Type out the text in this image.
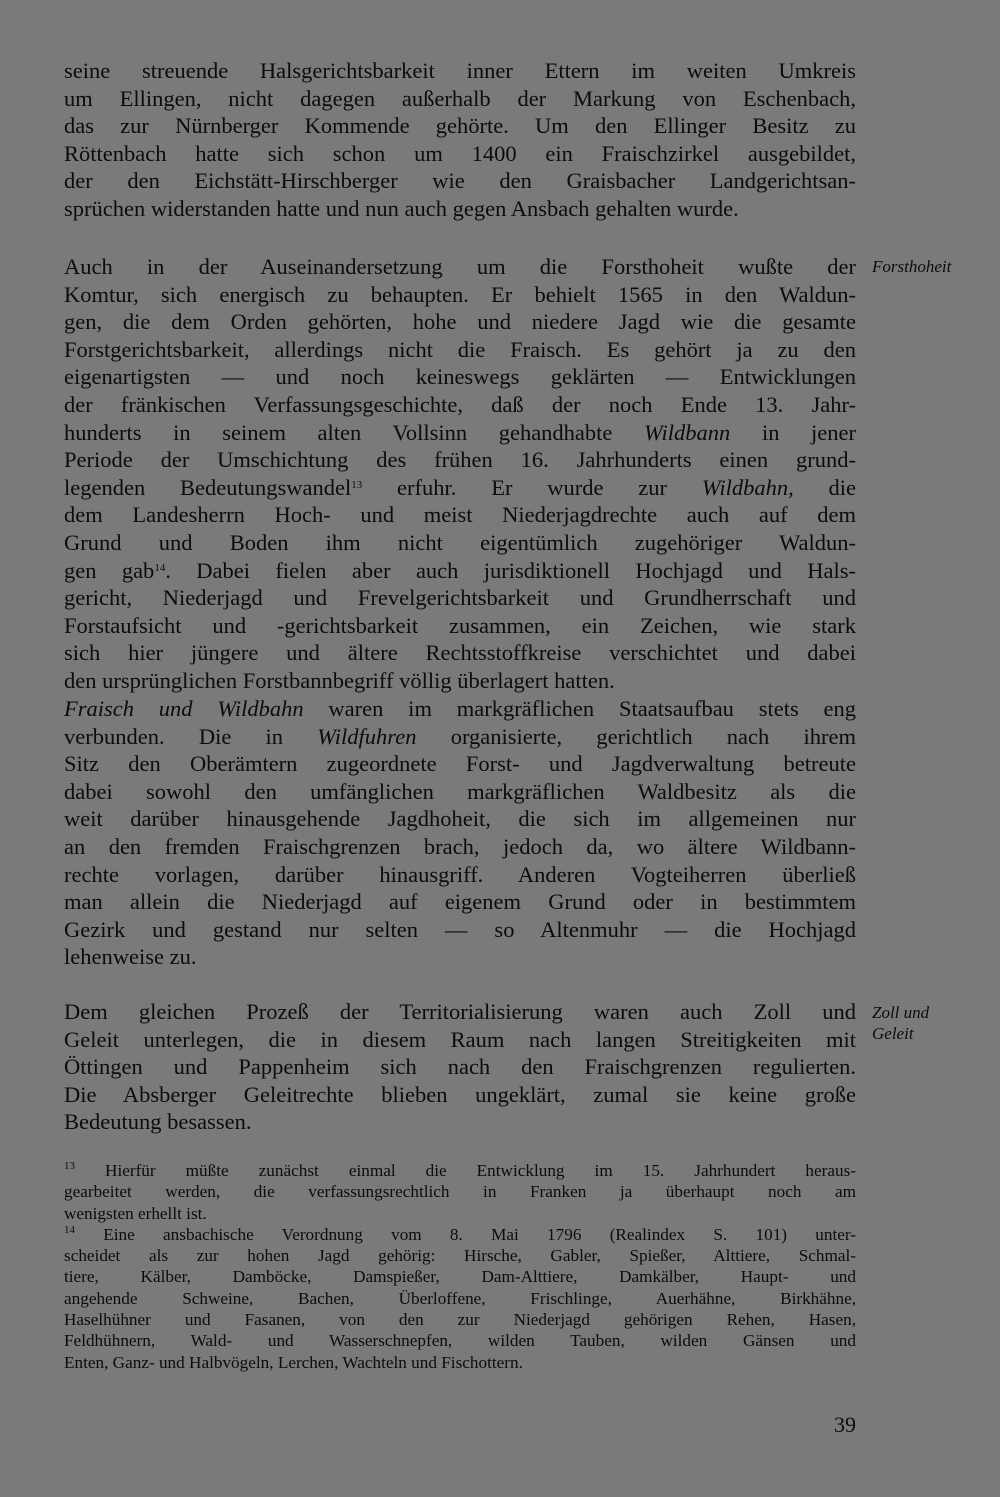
seine streuende Halsgerichtsbarkeit inner Ettern im weiten Umkreis
um Ellingen, nicht dagegen außerhalb der Markung von Eschenbach,
das zur Nürnberger Kommende gehörte. Um den Ellinger Besitz zu
Röttenbach hatte sich schon um 1400 ein Fraischzirkel ausgebildet,
der den Eichstätt-Hirschberger wie den Graisbacher Landgerichtsan-
sprüchen widerstanden hatte und nun auch gegen Ansbach gehalten wurde.
Forsthoheit
Auch in der Auseinandersetzung um die Forsthoheit wußte der
Komtur, sich energisch zu behaupten. Er behielt 1565 in den Waldun-
gen, die dem Orden gehörten, hohe und niedere Jagd wie die gesamte
Forstgerichtsbarkeit, allerdings nicht die Fraisch. Es gehört ja zu den
eigenartigsten — und noch keineswegs geklärten — Entwicklungen
der fränkischen Verfassungsgeschichte, daß der noch Ende 13. Jahr-
hunderts in seinem alten Vollsinn gehandhabte Wildbann in jener
Periode der Umschichtung des frühen 16. Jahrhunderts einen grund-
legenden Bedeutungswandel$^{13}$ erfuhr. Er wurde zur Wildbahn, die
dem Landesherrn Hoch- und meist Niederjagdrechte auch auf dem
Grund und Boden ihm nicht eigentümlich zugehöriger Waldun-
gen gab$^{14}$. Dabei fielen aber auch jurisdiktionell Hochjagd und Hals-
gericht, Niederjagd und Frevelgerichtsbarkeit und Grundherrschaft und
Forstaufsicht und -gerichtsbarkeit zusammen, ein Zeichen, wie stark
sich hier jüngere und ältere Rechtsstoffkreise verschichtet und dabei
den ursprünglichen Forstbannbegriff völlig überlagert hatten.
Fraisch und Wildbahn waren im markgräflichen Staatsaufbau stets eng
verbunden. Die in Wildfuhren organisierte, gerichtlich nach ihrem
Sitz den Oberämtern zugeordnete Forst- und Jagdverwaltung betreute
dabei sowohl den umfänglichen markgräflichen Waldbesitz als die
weit darüber hinausgehende Jagdhoheit, die sich im allgemeinen nur
an den fremden Fraischgrenzen brach, jedoch da, wo ältere Wildbann-
rechte vorlagen, darüber hinausgriff. Anderen Vogteiherren überließ
man allein die Niederjagd auf eigenem Grund oder in bestimmtem
Gezirk und gestand nur selten — so Altenmuhr — die Hochjagd
lehenweise zu.
Zoll und
Geleit
Dem gleichen Prozeß der Territorialisierung waren auch Zoll und
Geleit unterlegen, die in diesem Raum nach langen Streitigkeiten mit
Öttingen und Pappenheim sich nach den Fraischgrenzen regulierten.
Die Absberger Geleitrechte blieben ungeklärt, zumal sie keine große
Bedeutung besassen.
$^{13}$ Hierfür müßte zunächst einmal die Entwicklung im 15. Jahrhundert heraus-
gearbeitet werden, die verfassungsrechtlich in Franken ja überhaupt noch am
wenigsten erhellt ist.
$^{14}$ Eine ansbachische Verordnung vom 8. Mai 1796 (Realindex S. 101) unter-
scheidet als zur hohen Jagd gehörig: Hirsche, Gabler, Spießer, Alttiere, Schmal-
tiere, Kälber, Damböcke, Damspießer, Dam-Alttiere, Damkälber, Haupt- und
angehende Schweine, Bachen, Überloffene, Frischlinge, Auerhähne, Birkhähne,
Haselhühner und Fasanen, von den zur Niederjagd gehörigen Rehen, Hasen,
Feldhühnern, Wald- und Wasserschnepfen, wilden Tauben, wilden Gänsen und
Enten, Ganz- und Halbvögeln, Lerchen, Wachteln und Fischottern.
39
